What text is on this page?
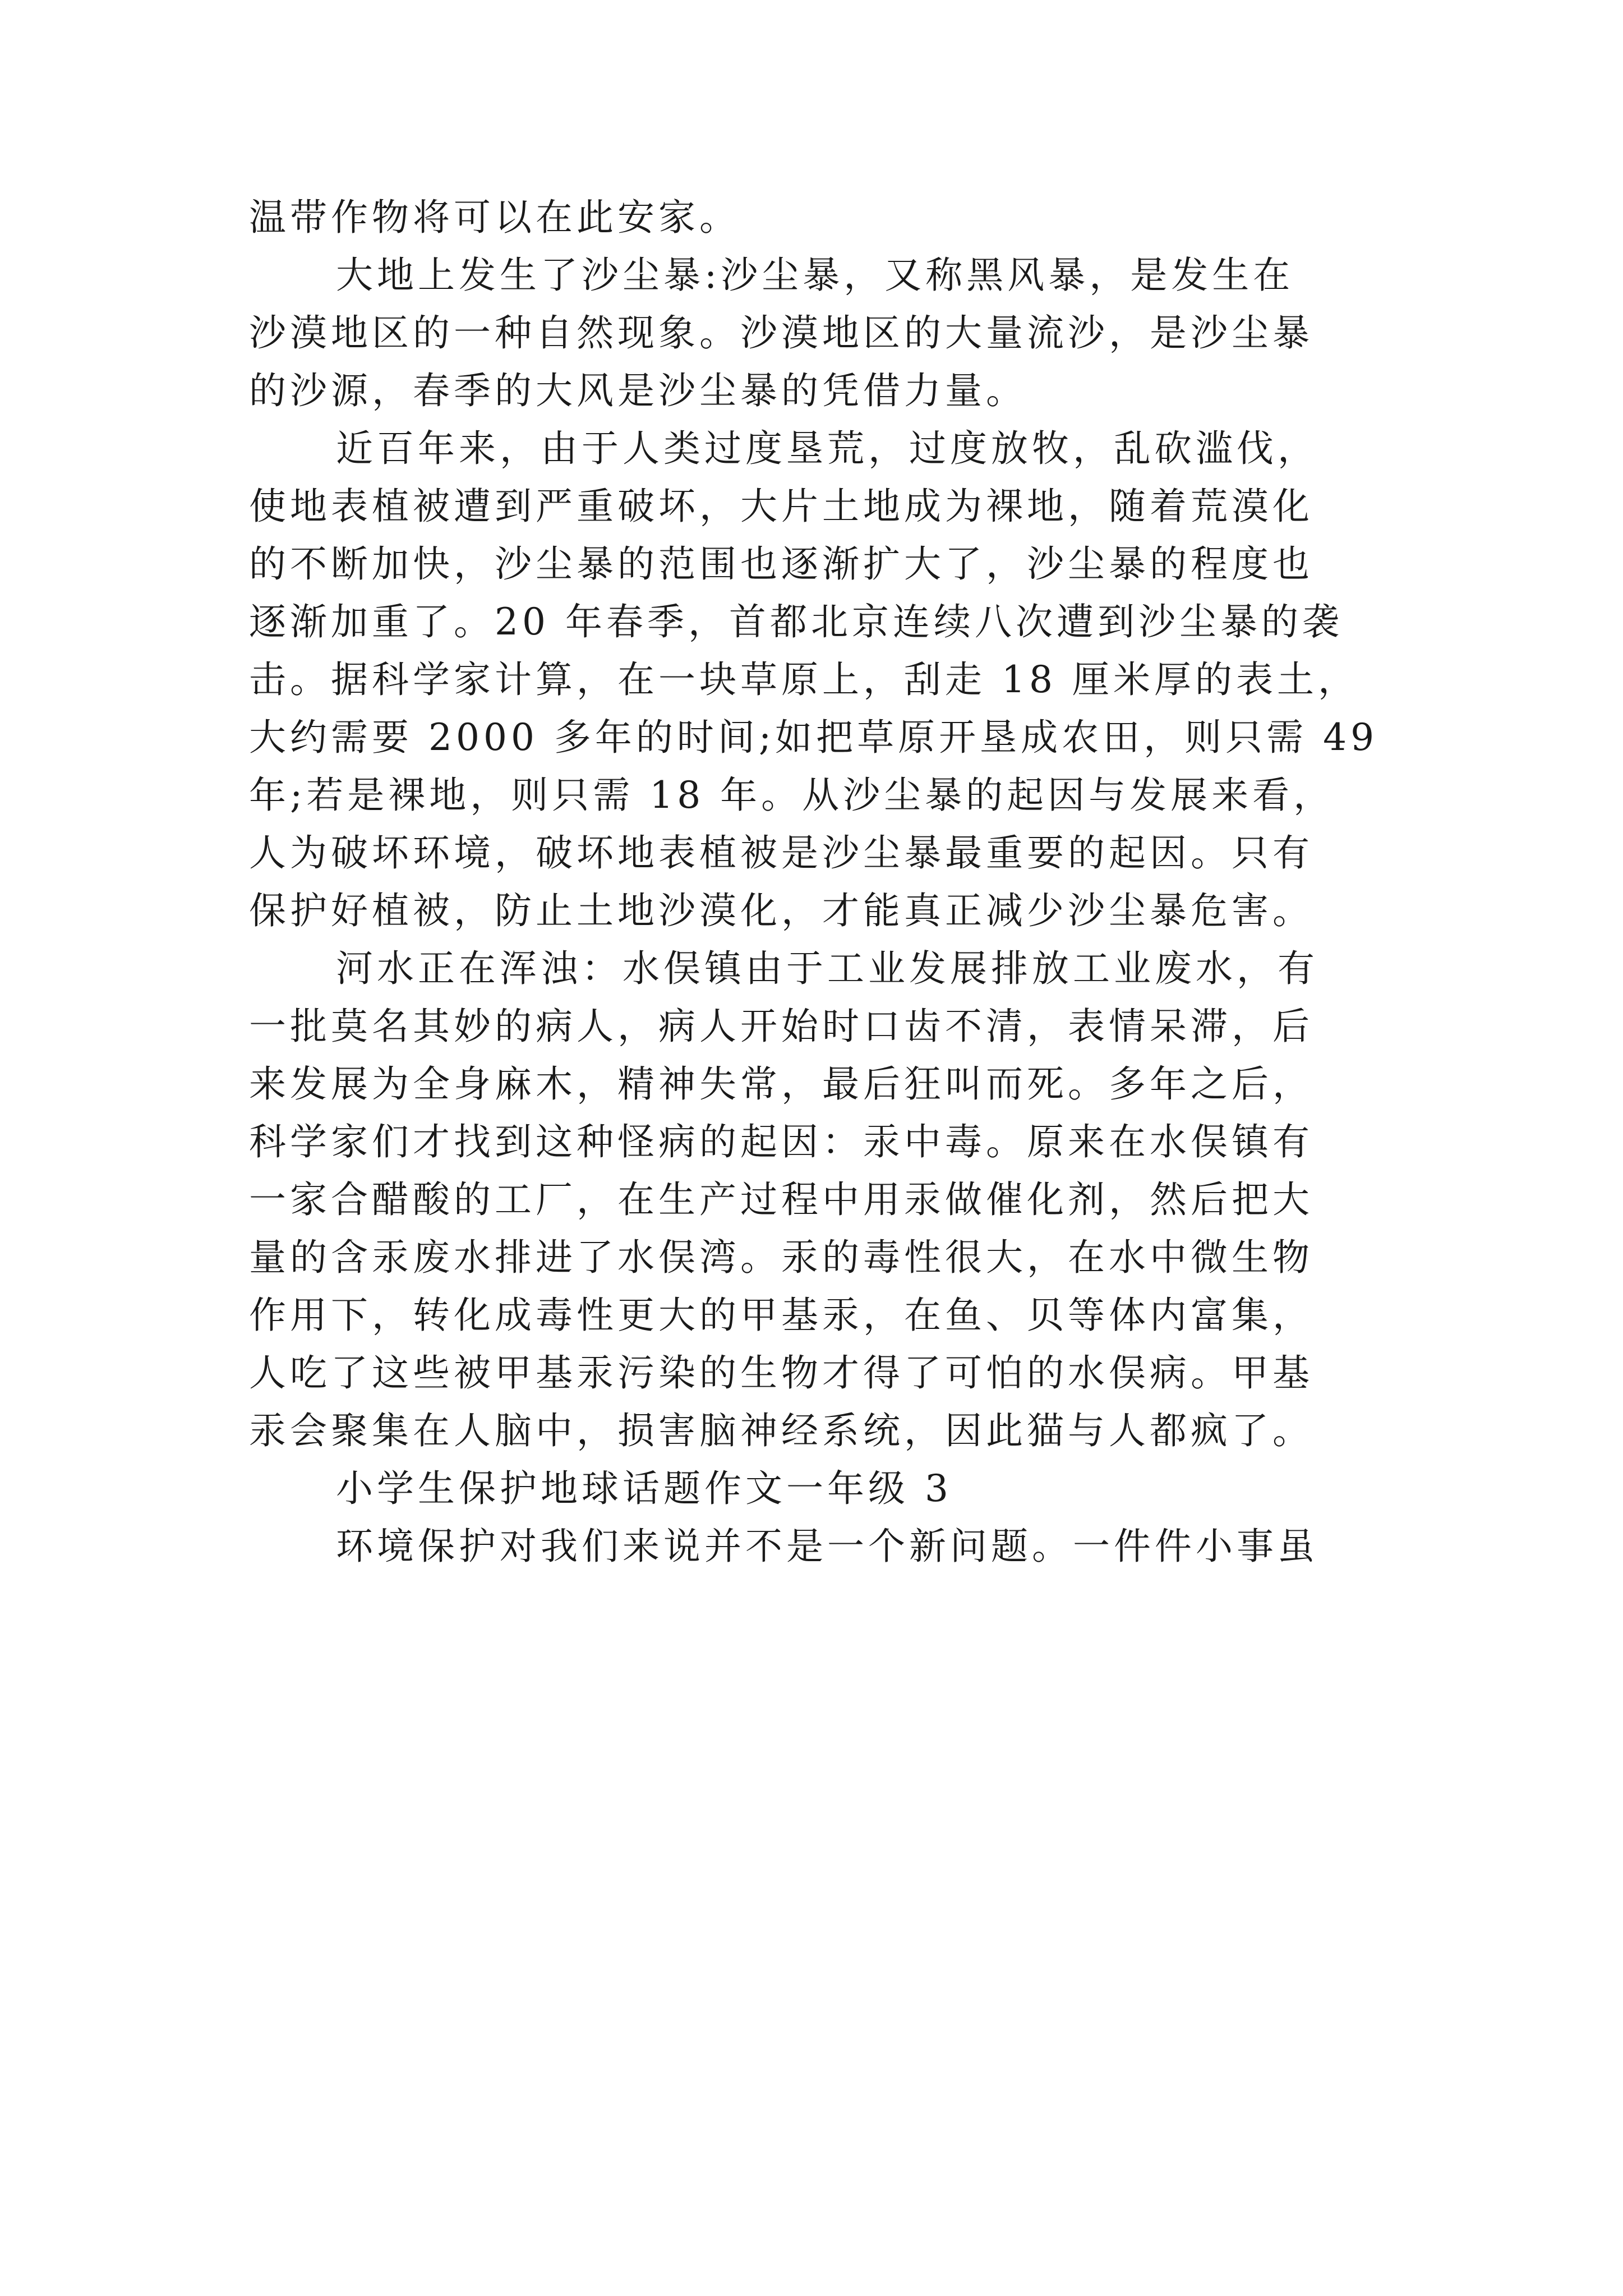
温带作物将可以在此安家。
大地上发生了沙尘暴:沙尘暴，又称黑风暴，是发生在
沙漠地区的一种自然现象。沙漠地区的大量流沙，是沙尘暴
的沙源，春季的大风是沙尘暴的凭借力量。
近百年来，由于人类过度垦荒，过度放牧，乱砍滥伐，
使地表植被遭到严重破坏，大片土地成为裸地，随着荒漠化
的不断加快，沙尘暴的范围也逐渐扩大了，沙尘暴的程度也
逐渐加重了。20 年春季，首都北京连续八次遭到沙尘暴的袭
击。据科学家计算，在一块草原上，刮走 18 厘米厚的表土，
大约需要 2000 多年的时间;如把草原开垦成农田，则只需 49
年;若是裸地，则只需 18 年。从沙尘暴的起因与发展来看，
人为破坏环境，破坏地表植被是沙尘暴最重要的起因。只有
保护好植被，防止土地沙漠化，才能真正减少沙尘暴危害。
河水正在浑浊：水俣镇由于工业发展排放工业废水，有
一批莫名其妙的病人，病人开始时口齿不清，表情呆滞，后
来发展为全身麻木，精神失常，最后狂叫而死。多年之后，
科学家们才找到这种怪病的起因：汞中毒。原来在水俣镇有
一家合醋酸的工厂，在生产过程中用汞做催化剂，然后把大
量的含汞废水排进了水俣湾。汞的毒性很大，在水中微生物
作用下，转化成毒性更大的甲基汞，在鱼、贝等体内富集，
人吃了这些被甲基汞污染的生物才得了可怕的水俣病。甲基
汞会聚集在人脑中，损害脑神经系统，因此猫与人都疯了。
小学生保护地球话题作文一年级 3
环境保护对我们来说并不是一个新问题。一件件小事虽
